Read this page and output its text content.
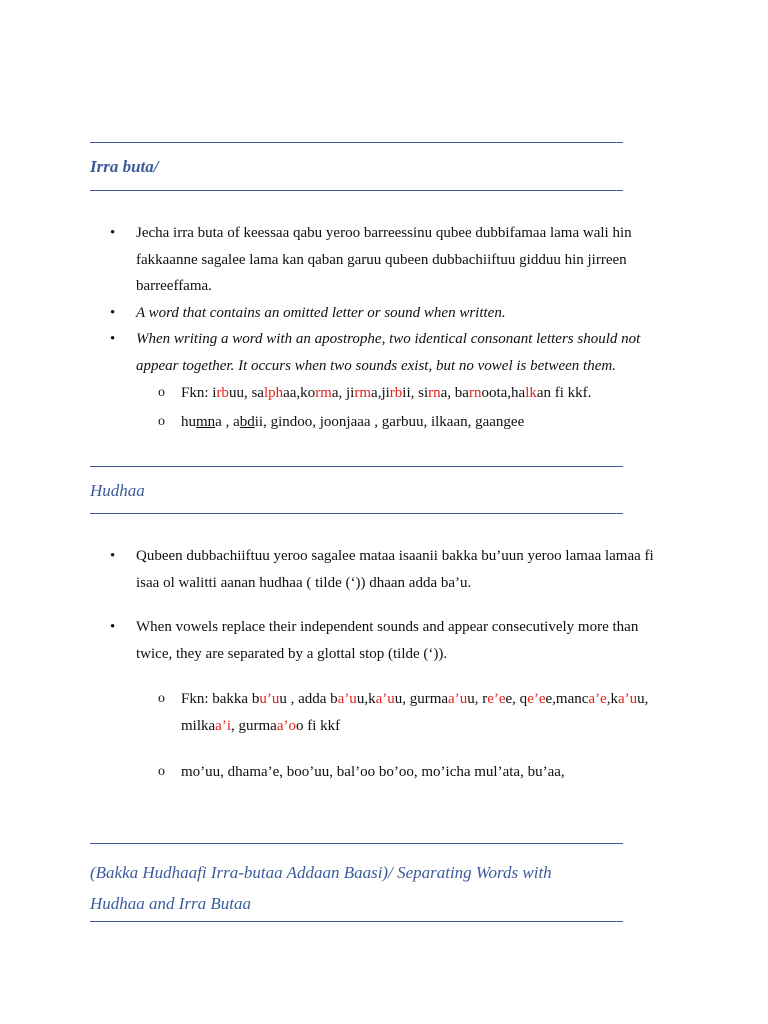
Irra buta/
• Jecha irra buta of keessaa qabu yeroo barreessinu qubee dubbifamaa lama wali hin fakkaanne sagalee lama kan qaban garuu qubeen dubbachiiftuu gidduu hin jirreen barreeffama.
• A word that contains an omitted letter or sound when written.
• When writing a word with an apostrophe, two identical consonant letters should not appear together. It occurs when two sounds exist, but no vowel is between them.
o Fkn: irbuu, salphaa,korma, jirma,jirbii, sirna, barnoota,halkan fi kkf.
o humna , abdii, gindoo, joonjaaa , garbuu, ilkaan, gaangee
Hudhaa
• Qubeen dubbachiiftuu yeroo sagalee mataa isaanii bakka bu’uun yeroo lamaa lamaa fi isaa ol walitti aanan hudhaa ( tilde (‘)) dhaan adda ba’u.
• When vowels replace their independent sounds and appear consecutively more than twice, they are separated by a glottal stop (tilde (‘)).
o Fkn: bakka bu’uu , adda ba’uu,ka’uu, gurmaa’uu, re’ee, qe’ee,manca’e,ka’uu,
milkaa’i, gurmaa’oo fi kkf
o mo’uu, dhama’e, boo’uu, bal’oo bo’oo, mo’icha mul’ata, bu’aa,
(Bakka Hudhaafi Irra-butaa Addaan Baasi)/ Separating Words with
Hudhaa and Irra Butaa
